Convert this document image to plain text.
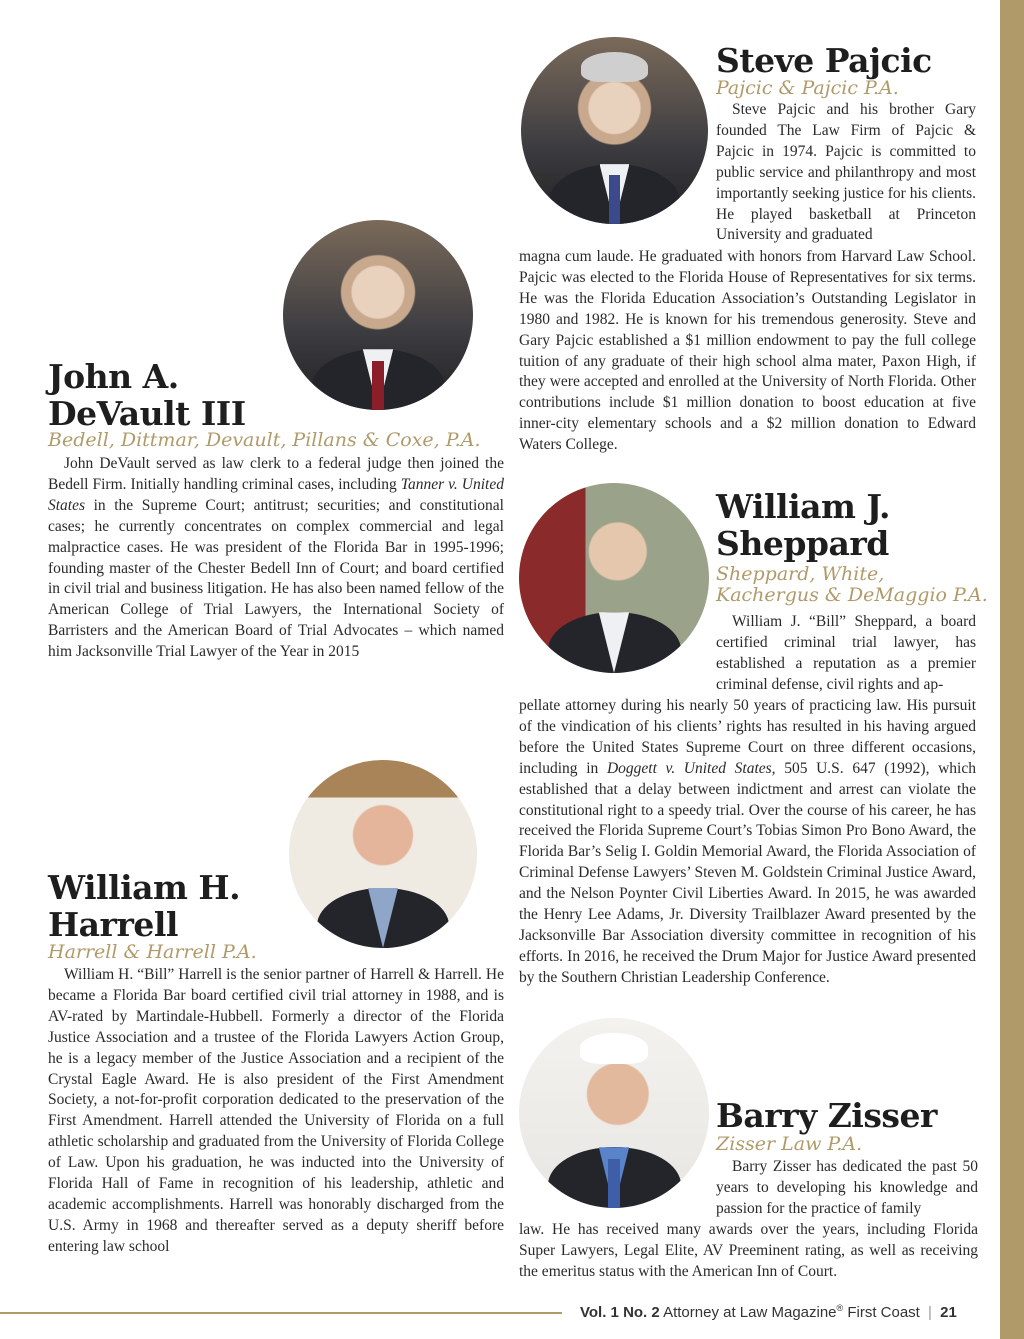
Steve Pajcic

Pajcic & Pajcic P.A.

Steve Pajcic and his brother Gary founded The Law Firm of Pajcic & Pajcic in 1974. Pajcic is committed to public service and philanthropy and most importantly seeking justice for his clients. He played basketball at Princeton University and graduated

magna cum laude. He graduated with honors from Harvard Law School. Pajcic was elected to the Florida House of Representatives for six terms. He was the Florida Education Association’s Outstanding Legislator in 1980 and 1982. He is known for his tremendous generosity. Steve and Gary Pajcic established a $1 million endowment to pay the full college tuition of any graduate of their high school alma mater, Paxon High, if they were accepted and enrolled at the University of North Florida. Other contributions include $1 million donation to boost education at five inner-city elementary schools and a $2 million donation to Edward Waters College.

John A.
DeVault III

Bedell, Dittmar, Devault, Pillans & Coxe, P.A.

John DeVault served as law clerk to a federal judge then joined the Bedell Firm. Initially handling criminal cases, including Tanner v. United States in the Supreme Court; antitrust; securities; and constitutional cases; he currently concentrates on complex commercial and legal malpractice cases. He was president of the Florida Bar in 1995-1996; founding master of the Chester Bedell Inn of Court; and board certified in civil trial and business litigation. He has also been named fellow of the American College of Trial Lawyers, the International Society of Barristers and the American Board of Trial Advocates – which named him Jacksonville Trial Lawyer of the Year in 2015

William J.
Sheppard

Sheppard, White,
Kachergus & DeMaggio P.A.

William J. “Bill” Sheppard, a board certified criminal trial lawyer, has established a reputation as a premier criminal defense, civil rights and ap-

pellate attorney during his nearly 50 years of practicing law. His pursuit of the vindication of his clients’ rights has resulted in his having argued before the United States Supreme Court on three different occasions, including in Doggett v. United States, 505 U.S. 647 (1992), which established that a delay between indictment and arrest can violate the constitutional right to a speedy trial. Over the course of his career, he has received the Florida Supreme Court’s Tobias Simon Pro Bono Award, the Florida Bar’s Selig I. Goldin Memorial Award, the Florida Association of Criminal Defense Lawyers’ Steven M. Goldstein Criminal Justice Award, and the Nelson Poynter Civil Liberties Award. In 2015, he was awarded the Henry Lee Adams, Jr. Diversity Trailblazer Award presented by the Jacksonville Bar Association diversity committee in recognition of his efforts. In 2016, he received the Drum Major for Justice Award presented by the Southern Christian Leadership Conference.

William H.
Harrell

Harrell & Harrell P.A.

William H. “Bill” Harrell is the senior partner of Harrell & Harrell. He became a Florida Bar board certified civil trial attorney in 1988, and is AV-rated by Martindale-Hubbell. Formerly a director of the Florida Justice Association and a trustee of the Florida Lawyers Action Group, he is a legacy member of the Justice Association and a recipient of the Crystal Eagle Award. He is also president of the First Amendment Society, a not-for-profit corporation dedicated to the preservation of the First Amendment. Harrell attended the University of Florida on a full athletic scholarship and graduated from the University of Florida College of Law. Upon his graduation, he was inducted into the University of Florida Hall of Fame in recognition of his leadership, athletic and academic accomplishments. Harrell was honorably discharged from the U.S. Army in 1968 and thereafter served as a deputy sheriff before entering law school

Barry Zisser

Zisser Law P.A.

Barry Zisser has dedicated the past 50 years to developing his knowledge and passion for the practice of family

law. He has received many awards over the years, including Florida Super Lawyers, Legal Elite, AV Preeminent rating, as well as receiving the emeritus status with the American Inn of Court.

Vol. 1 No. 2 Attorney at Law Magazine® First Coast | 21
